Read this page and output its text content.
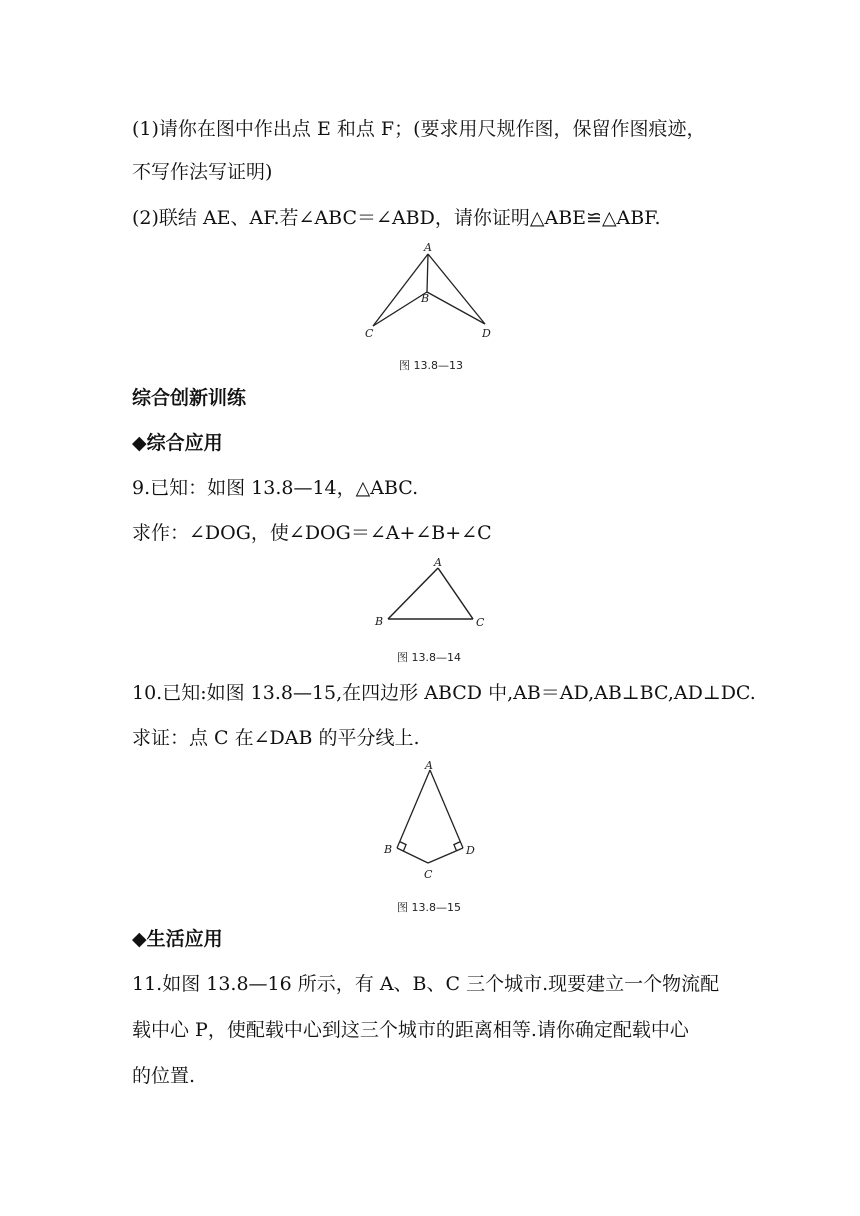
(1)请你在图中作出点 E 和点 F；(要求用尺规作图，保留作图痕迹，
不写作法写证明)
(2)联结 AE、AF.若∠ABC＝∠ABD，请你证明△ABE≌△ABF.
A
B
C	D
图 13.8—13
综合创新训练
◆综合应用
9.已知：如图 13.8—14，△ABC.
求作：∠DOG，使∠DOG＝∠A+∠B+∠C
A
B	C
图 13.8—14
10.已知:如图 13.8—15,在四边形 ABCD 中,AB＝AD,AB⊥BC,AD⊥DC.
求证：点 C 在∠DAB 的平分线上.
A
B
C
D
图 13.8—15
◆生活应用
11.如图 13.8—16 所示，有 A、B、C 三个城市.现要建立一个物流配
载中心 P，使配载中心到这三个城市的距离相等.请你确定配载中心
的位置.
